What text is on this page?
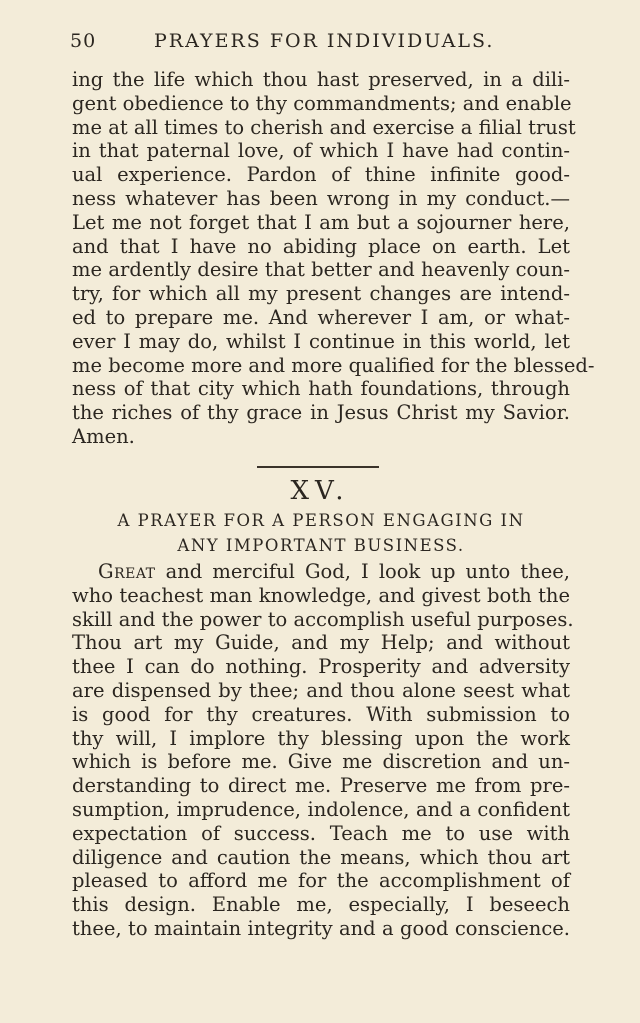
50	PRAYERS FOR INDIVIDUALS.
ing the life which thou hast preserved, in a dili-
gent obedience to thy commandments; and enable
me at all times to cherish and exercise a filial trust
in that paternal love, of which I have had contin-
ual experience. Pardon of thine infinite good-
ness whatever has been wrong in my conduct.—
Let me not forget that I am but a sojourner here,
and that I have no abiding place on earth. Let
me ardently desire that better and heavenly coun-
try, for which all my present changes are intend-
ed to prepare me. And wherever I am, or what-
ever I may do, whilst I continue in this world, let
me become more and more qualified for the blessed-
ness of that city which hath foundations, through
the riches of thy grace in Jesus Christ my Savior.
Amen.
XV.
A PRAYER FOR A PERSON ENGAGING IN
ANY IMPORTANT BUSINESS.
Great and merciful God, I look up unto thee,
who teachest man knowledge, and givest both the
skill and the power to accomplish useful purposes.
Thou art my Guide, and my Help; and without
thee I can do nothing. Prosperity and adversity
are dispensed by thee; and thou alone seest what
is good for thy creatures. With submission to
thy will, I implore thy blessing upon the work
which is before me. Give me discretion and un-
derstanding to direct me. Preserve me from pre-
sumption, imprudence, indolence, and a confident
expectation of success. Teach me to use with
diligence and caution the means, which thou art
pleased to afford me for the accomplishment of
this design. Enable me, especially, I beseech
thee, to maintain integrity and a good conscience.
